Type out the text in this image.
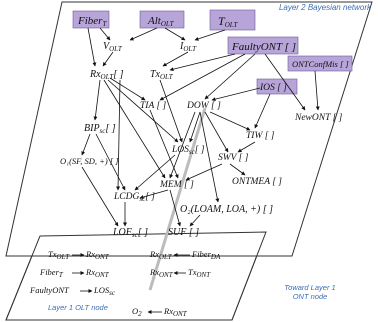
Layer 2 Bayesian network
Toward Layer 1
ONT node
Layer 1 OLT node
FiberT	AltOLT	TOLT
$V_{OLT}$	$I_{OLT}$	FaultyONT [ ]
ONTConfMis [ ]
$Rx_{OLT}$[ ]	$Tx_{OLT}$
IOS [ ]
TIA [ ] DOW [ ]
NewONT [ ]
$BIP_{sc}$[ ]
TIW [ ]
$LOS_{sc}$[ ]
SWV [ ]
O₁(SF, SD, +) [ ]
MEM [ ]	ONTMEA [ ]
$LCDG_{sc}$[ ]
O₂(LOAM, LOA, +) [ ]
$LOF_{sc}$[ ] SUF [ ]
$Tx_{OLT}$ $Rx_{ONT}$	$Rx_{OLT}$ Fiber$_{DA}$
Fiber$_T$	$Rx_{ONT}$	$Rx_{ONT}$ $Tx_{ONT}$
FaultyONT	$LOS_{sc}$
$O_2$	$Rx_{ONT}$
